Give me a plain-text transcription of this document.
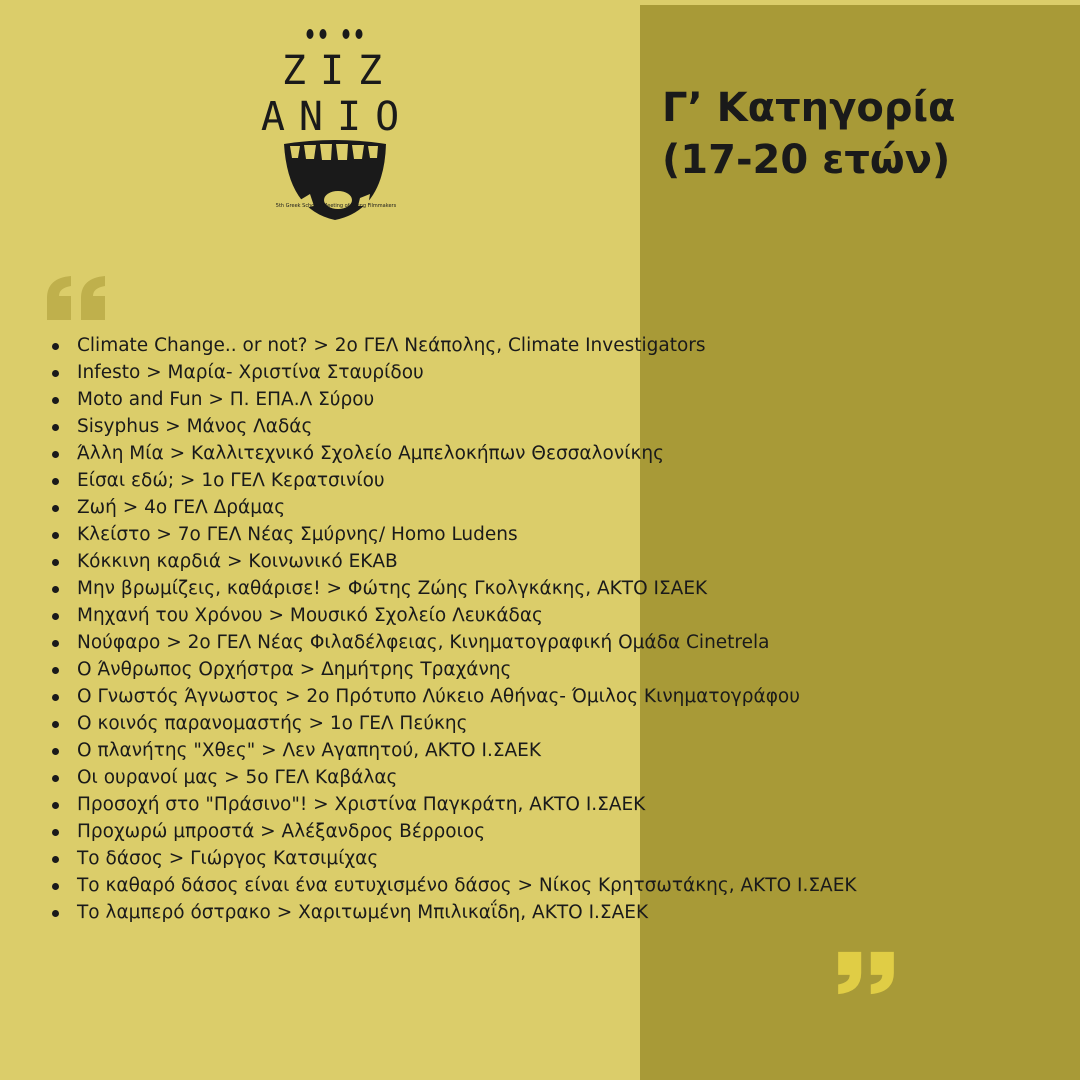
ΖΙΖ
ΑΝΙΟ
5th Greek Schools Meeting of Young Filmmakers
Γ’ Κατηγορία
(17-20 ετών)
Climate Change.. or not? > 2ο ΓΕΛ Νεάπολης, Climate Investigators
Infesto > Μαρία- Χριστίνα Σταυρίδου
Moto and Fun > Π. ΕΠΑ.Λ Σύρου
Sisyphus > Μάνος Λαδάς
Άλλη Μία > Καλλιτεχνικό Σχολείο Αμπελοκήπων Θεσσαλονίκης
Είσαι εδώ; > 1ο ΓΕΛ Κερατσινίου
Ζωή > 4ο ΓΕΛ Δράμας
Κλείστο > 7ο ΓΕΛ Νέας Σμύρνης/ Homo Ludens
Κόκκινη καρδιά > Κοινωνικό ΕΚΑΒ
Μην βρωμίζεις, καθάρισε! > Φώτης Ζώης Γκολγκάκης, ΑΚΤΟ ΙΣΑΕΚ
Μηχανή του Χρόνου > Μουσικό Σχολείο Λευκάδας
Νούφαρο > 2ο ΓΕΛ Νέας Φιλαδέλφειας, Κινηματογραφική Ομάδα Cinetrela
Ο Άνθρωπος Ορχήστρα > Δημήτρης Τραχάνης
Ο Γνωστός Άγνωστος > 2ο Πρότυπο Λύκειο Αθήνας- Όμιλος Κινηματογράφου
Ο κοινός παρανομαστής > 1ο ΓΕΛ Πεύκης
Ο πλανήτης "Χθες" > Λεν Αγαπητού, ΑΚΤΟ Ι.ΣΑΕΚ
Οι ουρανοί μας > 5ο ΓΕΛ Καβάλας
Προσοχή στο "Πράσινο"! > Χριστίνα Παγκράτη, ΑΚΤΟ Ι.ΣΑΕΚ
Προχωρώ μπροστά > Αλέξανδρος Βέρροιος
Το δάσος > Γιώργος Κατσιμίχας
Το καθαρό δάσος είναι ένα ευτυχισμένο δάσος > Νίκος Κρητσωτάκης, ΑΚΤΟ Ι.ΣΑΕΚ
Το λαμπερό όστρακο > Χαριτωμένη Μπιλικαΐδη, ΑΚΤΟ Ι.ΣΑΕΚ
